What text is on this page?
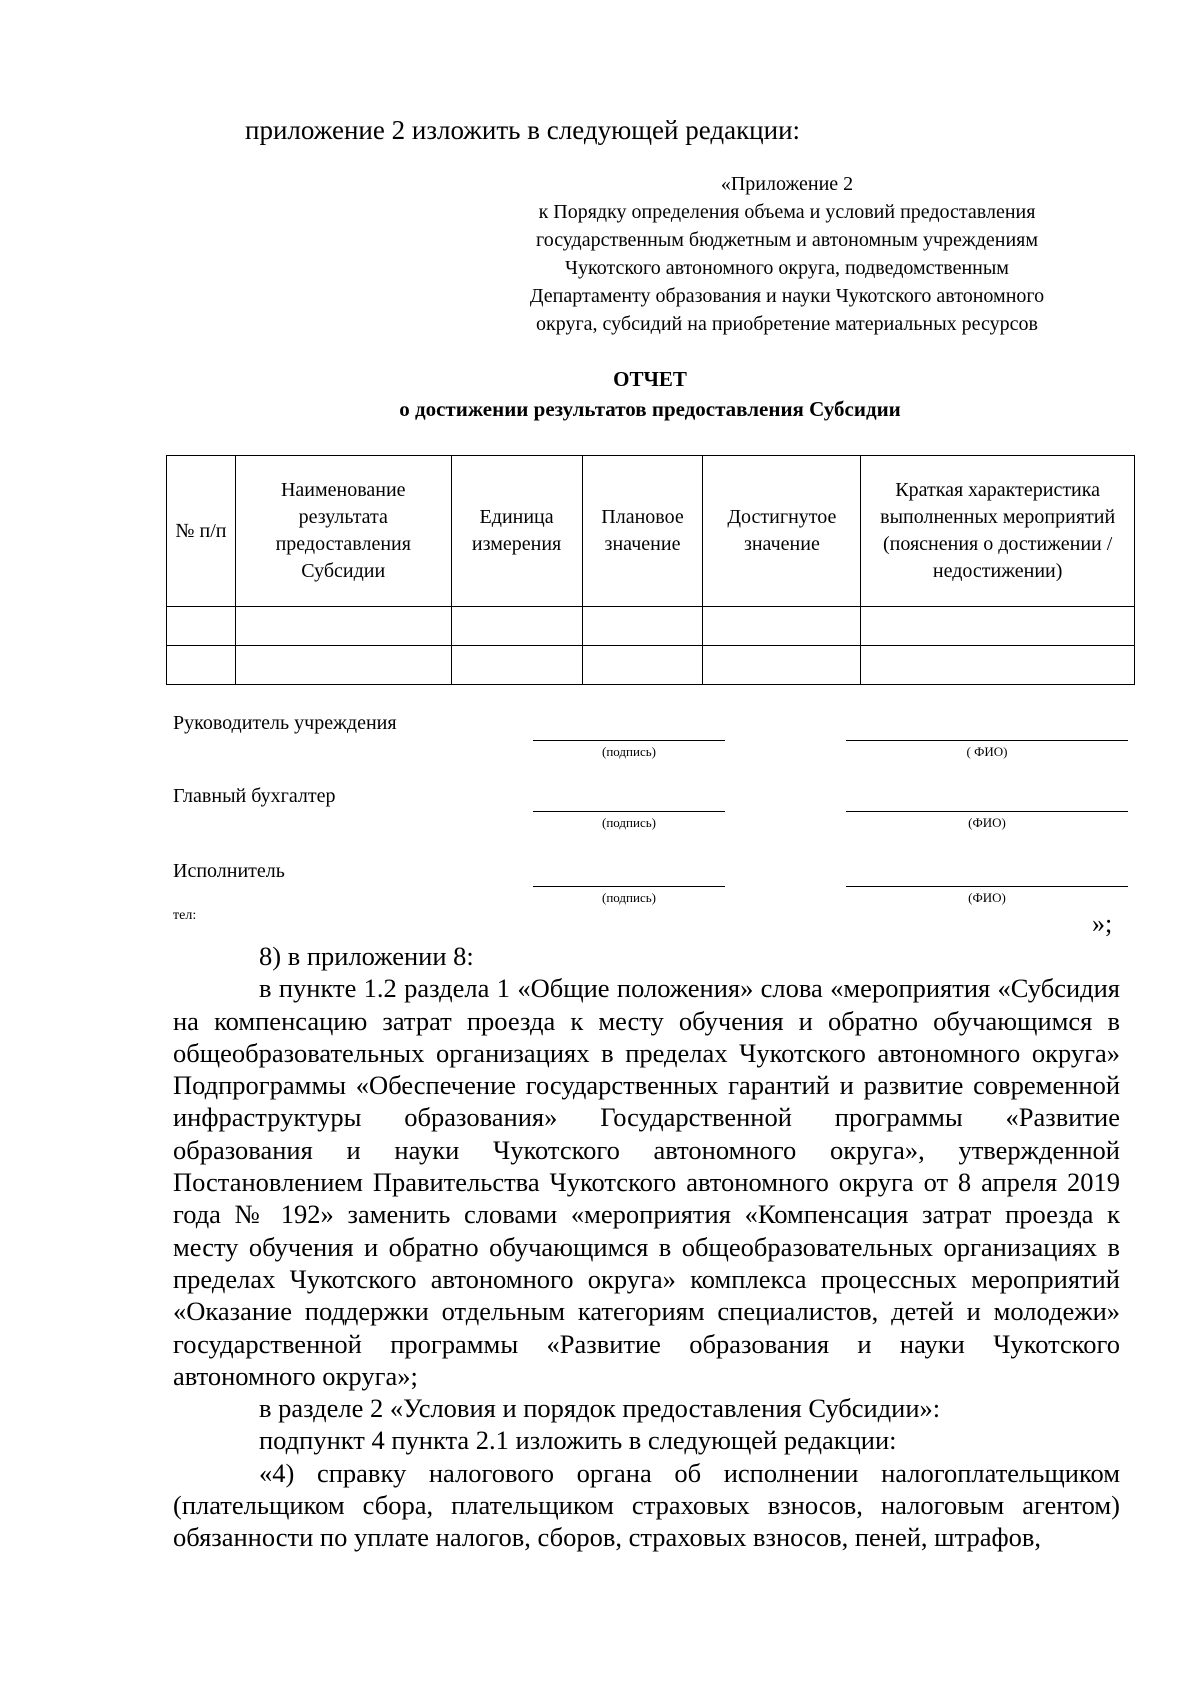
приложение 2 изложить в следующей редакции:
«Приложение 2
к Порядку определения объема и условий предоставления
государственным бюджетным и автономным учреждениям
Чукотского автономного округа, подведомственным
Департаменту образования и науки Чукотского автономного
округа, субсидий на приобретение материальных ресурсов
ОТЧЕТ
о достижении результатов предоставления Субсидии
№ п/п	Наименование результата предоставления Субсидии	Единица измерения	Плановое значение	Достигнутое значение	Краткая характеристика выполненных мероприятий (пояснения о достижении / недостижении)

Руководитель учреждения
(подпись)	( ФИО)
Главный бухгалтер
(подпись)	(ФИО)
Исполнитель
(подпись)	(ФИО)
тел:	»;

8) в приложении 8:

в пункте 1.2 раздела 1 «Общие положения» слова «мероприятия «Субсидия на компенсацию затрат проезда к месту обучения и обратно обучающимся в общеобразовательных организациях в пределах Чукотского автономного округа» Подпрограммы «Обеспечение государственных гарантий и развитие современной инфраструктуры образования» Государственной программы «Развитие образования и науки Чукотского автономного округа», утвержденной Постановлением Правительства Чукотского автономного округа от 8 апреля 2019 года № 192» заменить словами «мероприятия «Компенсация затрат проезда к месту обучения и обратно обучающимся в общеобразовательных организациях в пределах Чукотского автономного округа» комплекса процессных мероприятий «Оказание поддержки отдельным категориям специалистов, детей и молодежи» государственной программы «Развитие образования и науки Чукотского автономного округа»;

в разделе 2 «Условия и порядок предоставления Субсидии»:

подпункт 4 пункта 2.1 изложить в следующей редакции:

«4) справку налогового органа об исполнении налогоплательщиком (плательщиком сбора, плательщиком страховых взносов, налоговым агентом) обязанности по уплате налогов, сборов, страховых взносов, пеней, штрафов,
